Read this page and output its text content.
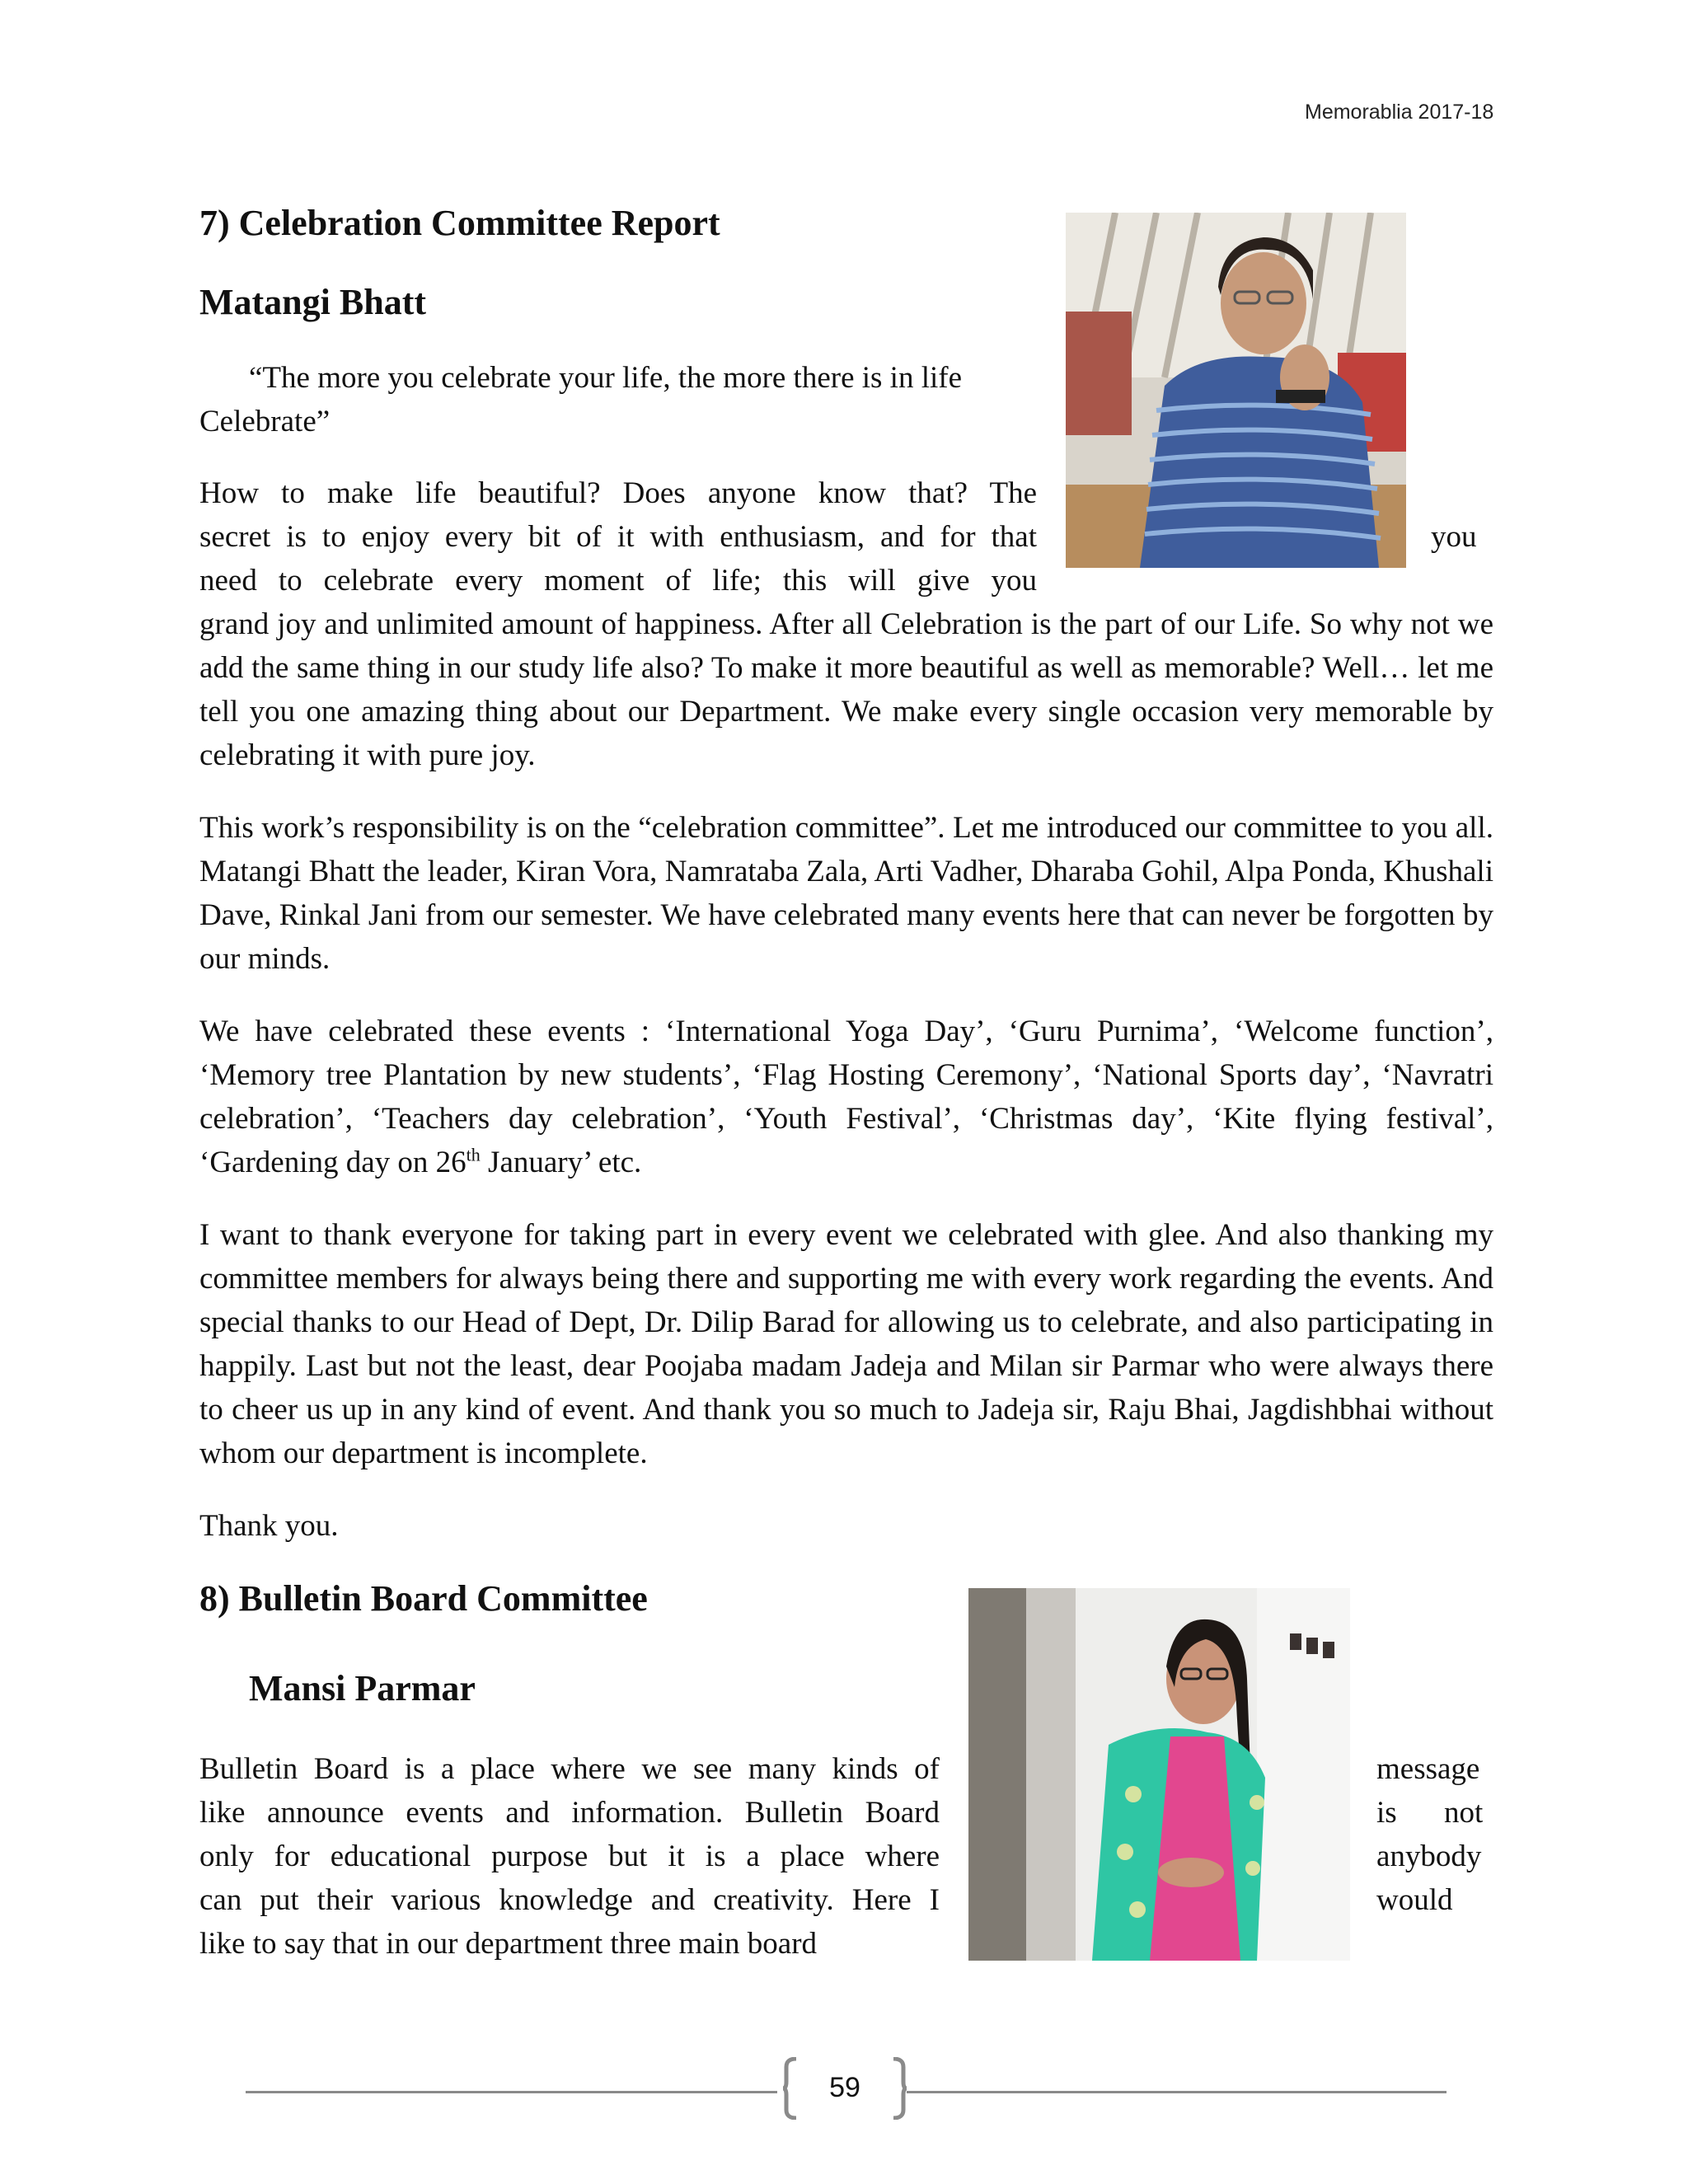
Memorablia 2017-18
7) Celebration Committee Report
Matangi Bhatt
“The more you celebrate your life, the more there is in life
Celebrate”
How to make life beautiful? Does anyone know that? The
secret is to enjoy every bit of it with enthusiasm, and for that	you
need to celebrate every moment of life; this will give you
grand joy and unlimited amount of happiness. After all Celebration is the part of our Life. So why not we add the same thing in our study life also? To make it more beautiful as well as memorable? Well… let me tell you one amazing thing about our Department. We make every single occasion very memorable by celebrating it with pure joy.
This work’s responsibility is on the “celebration committee”. Let me introduced our committee to you all. Matangi Bhatt the leader, Kiran Vora, Namrataba Zala, Arti Vadher, Dharaba Gohil, Alpa Ponda, Khushali Dave, Rinkal Jani from our semester. We have celebrated many events here that can never be forgotten by our minds.
We have celebrated these events : ‘International Yoga Day’, ‘Guru Purnima’, ‘Welcome function’, ‘Memory tree Plantation by new students’, ‘Flag Hosting Ceremony’, ‘National Sports day’, ‘Navratri celebration’, ‘Teachers day celebration’, ‘Youth Festival’, ‘Christmas day’, ‘Kite flying festival’, ‘Gardening day on 26th January’ etc.
I want to thank everyone for taking part in every event we celebrated with glee. And also thanking my committee members for always being there and supporting me with every work regarding the events. And special thanks to our Head of Dept, Dr. Dilip Barad for allowing us to celebrate, and also participating in happily. Last but not the least, dear Poojaba madam Jadeja and Milan sir Parmar who were always there to cheer us up in any kind of event. And thank you so much to Jadeja sir, Raju Bhai, Jagdishbhai without whom our department is incomplete.
Thank you.
8) Bulletin Board Committee
Mansi Parmar
Bulletin Board is a place where we see many kinds of	message
like announce events and information. Bulletin Board	is not
only for educational purpose but it is a place where	anybody
can put their various knowledge and creativity. Here I	would
like to say that in our department three main board
59
